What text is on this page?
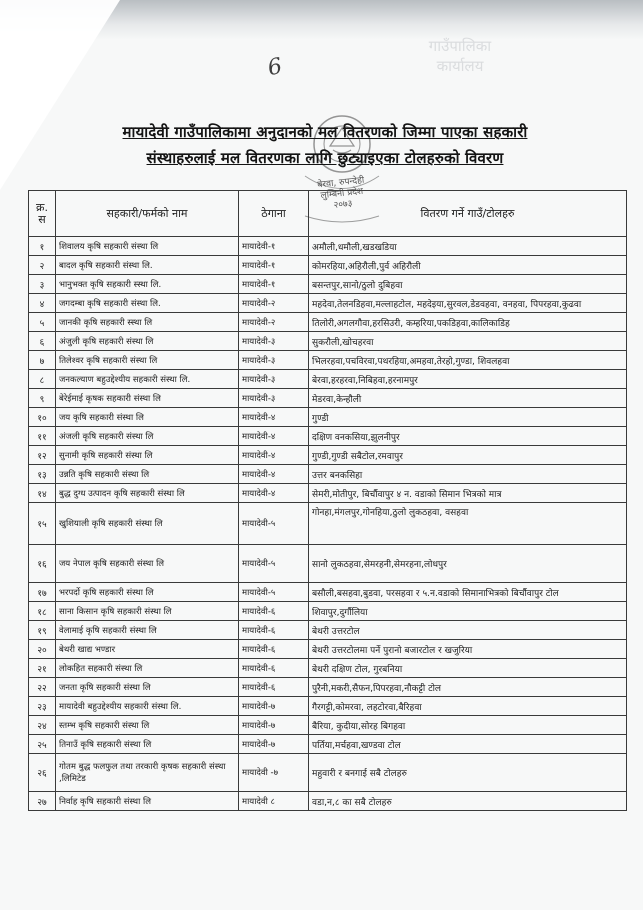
गाउँपालिका
कार्यालय
6
बेरवा, रुपन्देही
लुम्बिनी प्रदेश
२०७३
मायादेवी गाउँपालिकामा अनुदानको मल वितरणको जिम्मा पाएका सहकारी
संस्थाहरुलाई मल वितरणका लागि छुट्याइएका टोलहरुको विवरण
क्र. स	सहकारी/फर्मको नाम	ठेगाना	वितरण गर्ने गाउँ/टोलहरु
१	शिवालय कृषि सहकारी संस्था लि	मायादेवी-१	अमौली,धमौली,खडखडिया
२	बादल कृषि सहकारी संस्था लि.	मायादेवी-१	कोमरहिया,अहिरौली,पुर्व अहिरौली
३	भानुभक्त कृषि सहकारी स्स्था लि.	मायादेवी-१	बसन्तपुर,सानो/ठुलो दुबिहवा
४	जगदम्बा कृषि सहकारी संस्था लि.	मायादेवी-२	महदेवा,तेलनडिहवा,मल्लाहटोल, महदेइया,सुरवल,डेडवहवा, वनहवा, पिपरहवा,कुढवा
५	जानकी कृषि सहकारी स्स्था लि	मायादेवी-२	तिलोरी,अगलगौवा,हरसिउरी, कम्हरिया,पकडिहवा,कालिकाडिह
६	अंजुली कृषि सहकारी संस्था लि	मायादेवी-३	सुकरौली,खोचहरवा
७	तिलेश्वर कृषि सहकारी संस्था लि	मायादेवी-३	भिलरहवा,पचविरवा,पथरहिया,अमहवा,तेरहो,गुण्डा, शिवलहवा
८	जनकल्याण बहुउद्देश्यीय सहकारी संस्था लि.	मायादेवी-३	बेरवा,हरहरवा,निबिहवा,हरनामपुर
९	बेरेईमाई कृषक सहकारी संस्था लि	मायादेवी-३	मेडरवा,केन्हौली
१०	जय कृषि सहकारी संस्था लि	मायादेवी-४	गुण्डी
११	अंजली कृषि सहकारी संस्था लि	मायादेवी-४	दक्षिण वनकसिया,झुलनीपुर
१२	सुनामी कृषि सहकारी संस्था लि	मायादेवी-४	गुण्डी,गुण्डी सबैटोल,रमवापुर
१३	उन्नति कृषि सहकारी संस्था लि	मायादेवी-४	उत्तर बनकसिहा
१४	बुद्ध दुग्ध उत्पादन कृषि सहकारी संस्था लि	मायादेवी-४	सेमरी,मोतीपुर, बिर्चौवापुर ४ न. वडाको सिमान भित्रको मात्र
१५	खुशियाली कृषि सहकारी संस्था लि	मायादेवी-५	गोनहा,मंगलपुर,गोनहिया,ठुलो लुकठहवा, वसहवा
१६	जय नेपाल कृषि सहकारी संस्था लि	मायादेवी-५	सानो लुकठहवा,सेमरहनी,सेमरहना,लोधपुर
१७	भरपर्दो कृषि सहकारी संस्था लि	मायादेवी-५	बसौली,बसहवा,बुडवा, परसहवा र ५.न.वडाको सिमानाभित्रको बिर्चौवापुर टोल
१८	साना किसान कृषि सहकारी संस्था लि	मायादेवी-६	शिवापुर,दुर्गौलिया
१९	वेलामाई कृषि सहकारी संस्था लि	मायादेवी-६	बेथरी उत्तरटोल
२०	बेथरी खाद्य भण्डार	मायादेवी-६	बेथरी उत्तरटोलमा पर्ने पुरानो बजारटोल र खजुरिया
२१	लोकहित सहकारी संस्था लि	मायादेवी-६	बेथरी दक्षिण टोल, गुरबनिया
२२	जनता कृषि सहकारी संस्था लि	मायादेवी-६	पुरैनी,मकरी,सैफन,पिपरहवा,नौकट्टी टोल
२३	मायादेवी बहुउद्देश्यीय सहकारी संस्था लि.	मायादेवी-७	गैरगट्टी,कोमरवा, लहटोरवा,बैरिहवा
२४	स्तम्भ कृषि सहकारी संस्था लि	मायादेवी-७	बैरिया, कुदीया,सोरह बिगहवा
२५	तिनाउँ कृषि सहकारी संस्था लि	मायादेवी-७	पर्तिया,मर्चहवा,खण्डवा टोल
२६	गोतम बुद्ध फलफुल तथा तरकारी कृषक सहकारी संस्था ,लिमिटेड	मायादेवी -७	महुवारी र बनगाई सबै टोलहरु
२७	निर्वाह कृषि सहकारी संस्था लि	मायादेवी ८	वडा,न,८ का सबै टोलहरु
